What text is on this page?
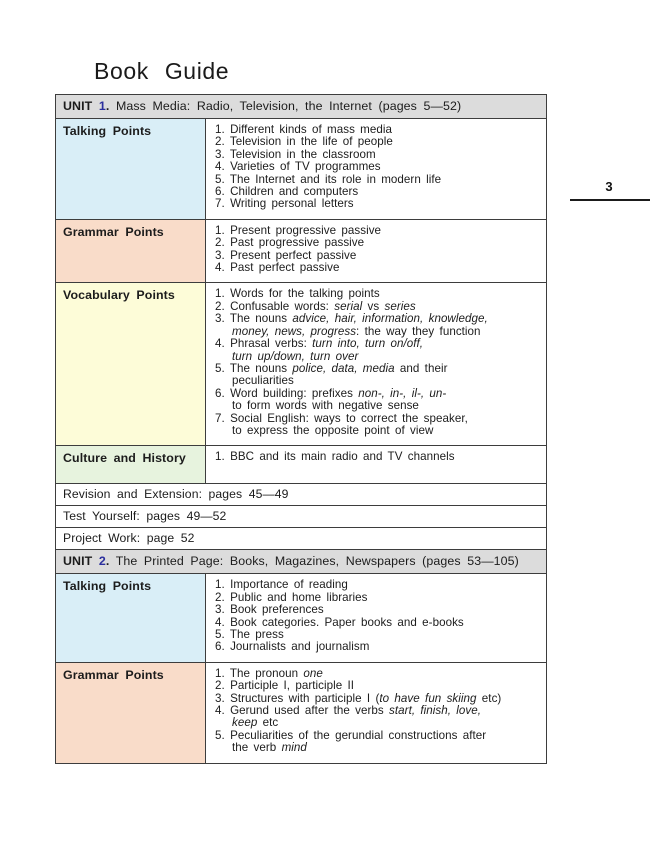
Book Guide
3
UNIT 1. Mass Media: Radio, Television, the Internet (pages 5—52)	
Talking Points	1. Different kinds of mass media
2. Television in the life of people
3. Television in the classroom
4. Varieties of TV programmes
5. The Internet and its role in modern life
6. Children and computers
7. Writing personal letters

Grammar Points	1. Present progressive passive
2. Past progressive passive
3. Present perfect passive
4. Past perfect passive

Vocabulary Points	1. Words for the talking points
2. Confusable words: serial vs series
3. The nouns advice, hair, information, knowledge,
money, news, progress: the way they function
4. Phrasal verbs: turn into, turn on/off,
turn up/down, turn over
5. The nouns police, data, media and their
peculiarities
6. Word building: prefixes non-, in-, il-, un-
to form words with negative sense
7. Social English: ways to correct the speaker,
to express the opposite point of view

Culture and History	1. BBC and its main radio and TV channels

Revision and Extension: pages 45—49	
Test Yourself: pages 49—52	
Project Work: page 52	
UNIT 2. The Printed Page: Books, Magazines, Newspapers (pages 53—105)	
Talking Points	1. Importance of reading
2. Public and home libraries
3. Book preferences
4. Book categories. Paper books and e-books
5. The press
6. Journalists and journalism

Grammar Points	1. The pronoun one
2. Participle I, participle II
3. Structures with participle I (to have fun skiing etc)
4. Gerund used after the verbs start, finish, love,
keep etc
5. Peculiarities of the gerundial constructions after
the verb mind
